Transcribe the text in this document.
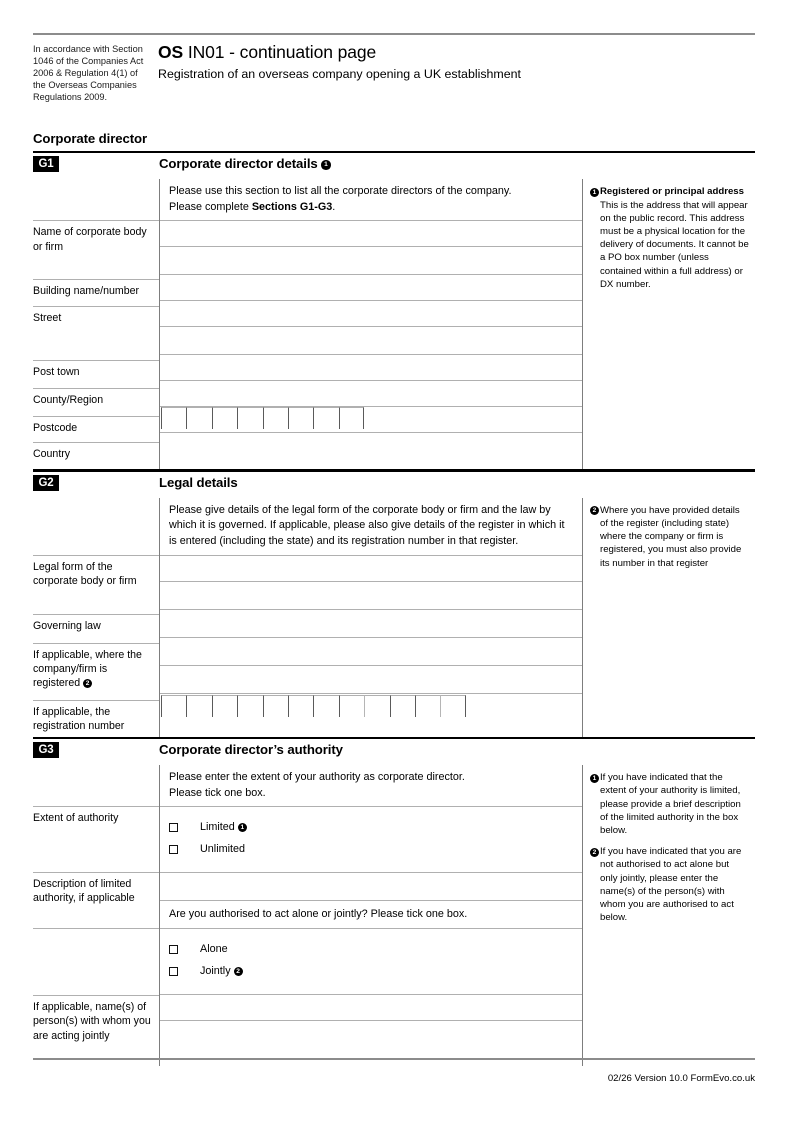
In accordance with Section 1046 of the Companies Act 2006 & Regulation 4(1) of the Overseas Companies Regulations 2009.
OS IN01 - continuation page
Registration of an overseas company opening a UK establishment
Corporate director
G1	Corporate director details 1
Name of corporate body or firm
Building name/number
Street
Post town
County/Region
Postcode
Country
Please use this section to list all the corporate directors of the company.
Please complete Sections G1-G3.
1 Registered or principal address
This is the address that will appear on the public record. This address must be a physical location for the delivery of documents. It cannot be a PO box number (unless contained within a full address) or DX number.
G2	Legal details
Legal form of the corporate body or firm
Governing law
If applicable, where the company/firm is registered 2
If applicable, the registration number
Please give details of the legal form of the corporate body or firm and the law by which it is governed. If applicable, please also give details of the register in which it is entered (including the state) and its registration number in that register.
2 Where you have provided details of the register (including state) where the company or firm is registered, you must also provide its number in that register
G3	Corporate director’s authority
Extent of authority
Description of limited authority, if applicable
If applicable, name(s) of person(s) with whom you are acting jointly
Please enter the extent of your authority as corporate director.
Please tick one box.
Limited 1
Unlimited
Are you authorised to act alone or jointly? Please tick one box.
Alone
Jointly 2
1 If you have indicated that the extent of your authority is limited, please provide a brief description of the limited authority in the box below.
2 If you have indicated that you are not authorised to act alone but only jointly, please enter the name(s) of the person(s) with whom you are authorised to act below.
02/26 Version 10.0 FormEvo.co.uk
